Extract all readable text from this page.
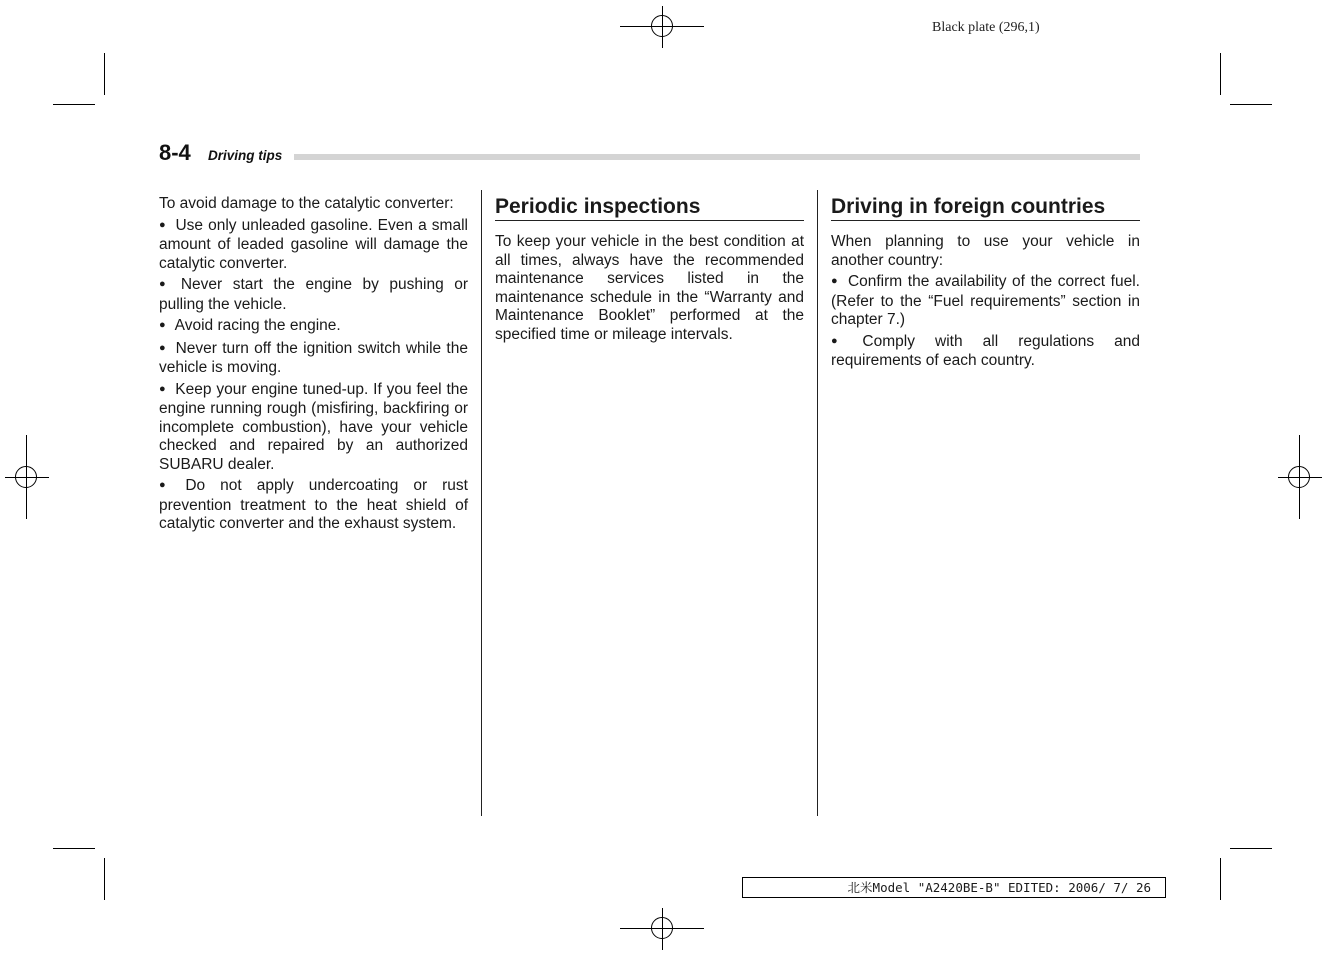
Black plate (296,1)
8-4 Driving tips

To avoid damage to the catalytic converter:

● Use only unleaded gasoline. Even a small amount of leaded gasoline will damage the catalytic converter.

● Never start the engine by pushing or pulling the vehicle.

● Avoid racing the engine.

● Never turn off the ignition switch while the vehicle is moving.

● Keep your engine tuned-up. If you feel the engine running rough (misfiring, backfiring or incomplete combustion), have your vehicle checked and repaired by an authorized SUBARU dealer.

● Do not apply undercoating or rust prevention treatment to the heat shield of catalytic converter and the exhaust system.

Periodic inspections

To keep your vehicle in the best condition at all times, always have the recommended maintenance services listed in the maintenance schedule in the “Warranty and Maintenance Booklet” performed at the specified time or mileage intervals.

Driving in foreign countries

When planning to use your vehicle in another country:

● Confirm the availability of the correct fuel. (Refer to the “Fuel requirements” section in chapter 7.)

● Comply with all regulations and requirements of each country.

北米Model "A2420BE-B" EDITED: 2006/ 7/ 26
